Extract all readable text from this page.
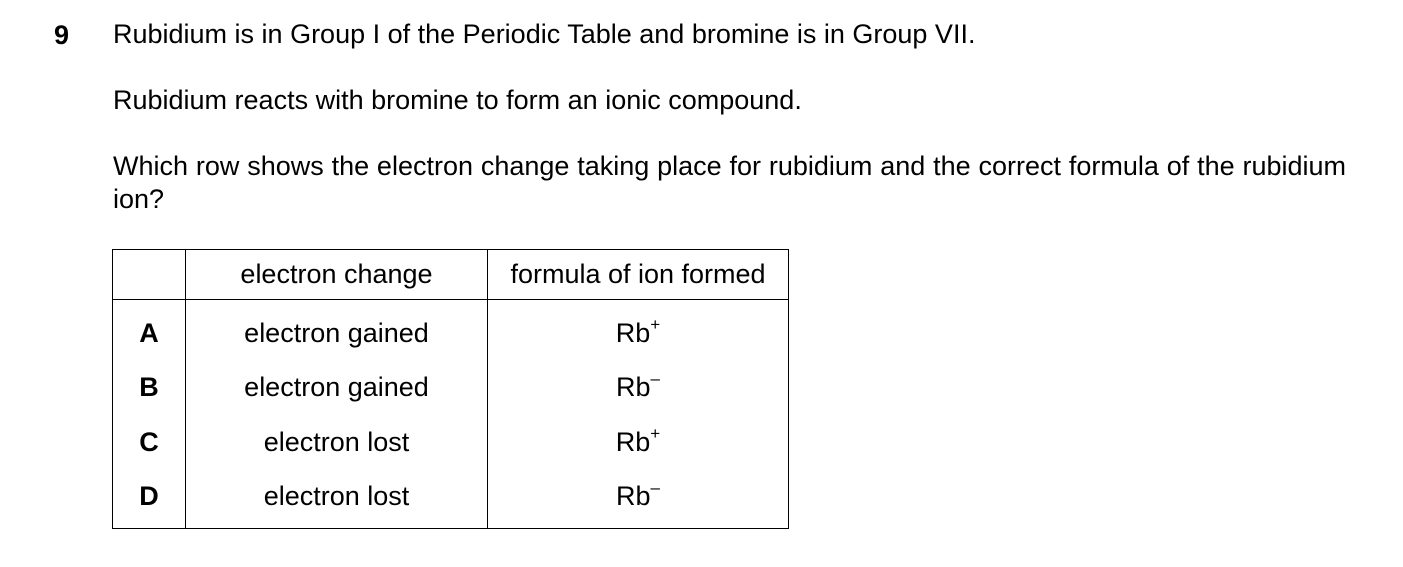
9 Rubidium is in Group I of the Periodic Table and bromine is in Group VII.
Rubidium reacts with bromine to form an ionic compound.
Which row shows the electron change taking place for rubidium and the correct formula of the rubidium ion?
	electron change	formula of ion formed
A	electron gained	Rb+
B	electron gained	Rb–
C	electron lost	Rb+
D	electron lost	Rb–
